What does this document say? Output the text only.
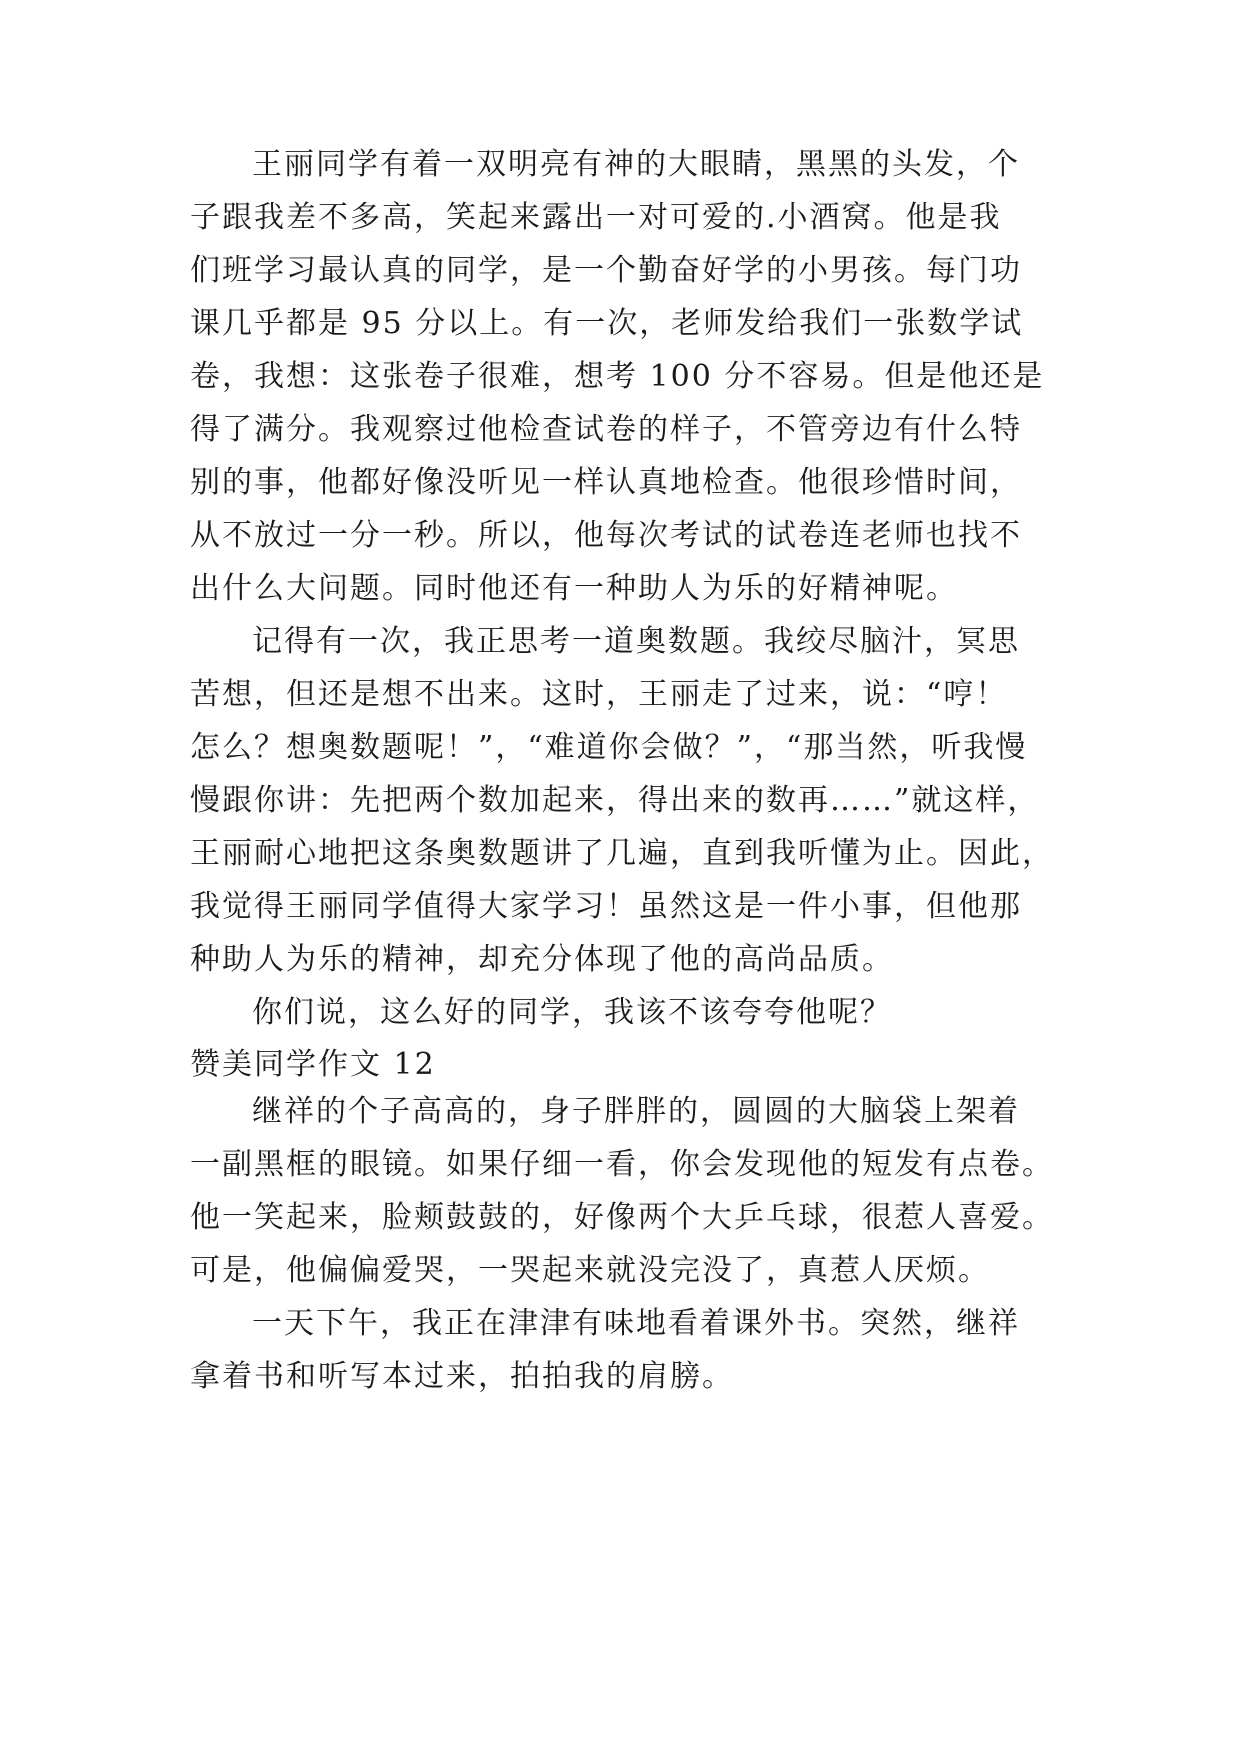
王丽同学有着一双明亮有神的大眼睛，黑黑的头发，个
子跟我差不多高，笑起来露出一对可爱的.小酒窝。他是我
们班学习最认真的同学，是一个勤奋好学的小男孩。每门功
课几乎都是 95 分以上。有一次，老师发给我们一张数学试
卷，我想：这张卷子很难，想考 100 分不容易。但是他还是
得了满分。我观察过他检查试卷的样子，不管旁边有什么特
别的事，他都好像没听见一样认真地检查。他很珍惜时间，
从不放过一分一秒。所以，他每次考试的试卷连老师也找不
出什么大问题。同时他还有一种助人为乐的好精神呢。
记得有一次，我正思考一道奥数题。我绞尽脑汁，冥思
苦想，但还是想不出来。这时，王丽走了过来，说：“哼！
怎么？想奥数题呢！”，“难道你会做？”，“那当然，听我慢
慢跟你讲：先把两个数加起来，得出来的数再……”就这样，
王丽耐心地把这条奥数题讲了几遍，直到我听懂为止。因此，
我觉得王丽同学值得大家学习！虽然这是一件小事，但他那
种助人为乐的精神，却充分体现了他的高尚品质。
你们说，这么好的同学，我该不该夸夸他呢？
赞美同学作文 12
继祥的个子高高的，身子胖胖的，圆圆的大脑袋上架着
一副黑框的眼镜。如果仔细一看，你会发现他的短发有点卷。
他一笑起来，脸颊鼓鼓的，好像两个大乒乓球，很惹人喜爱。
可是，他偏偏爱哭，一哭起来就没完没了，真惹人厌烦。
一天下午，我正在津津有味地看着课外书。突然，继祥
拿着书和听写本过来，拍拍我的肩膀。
